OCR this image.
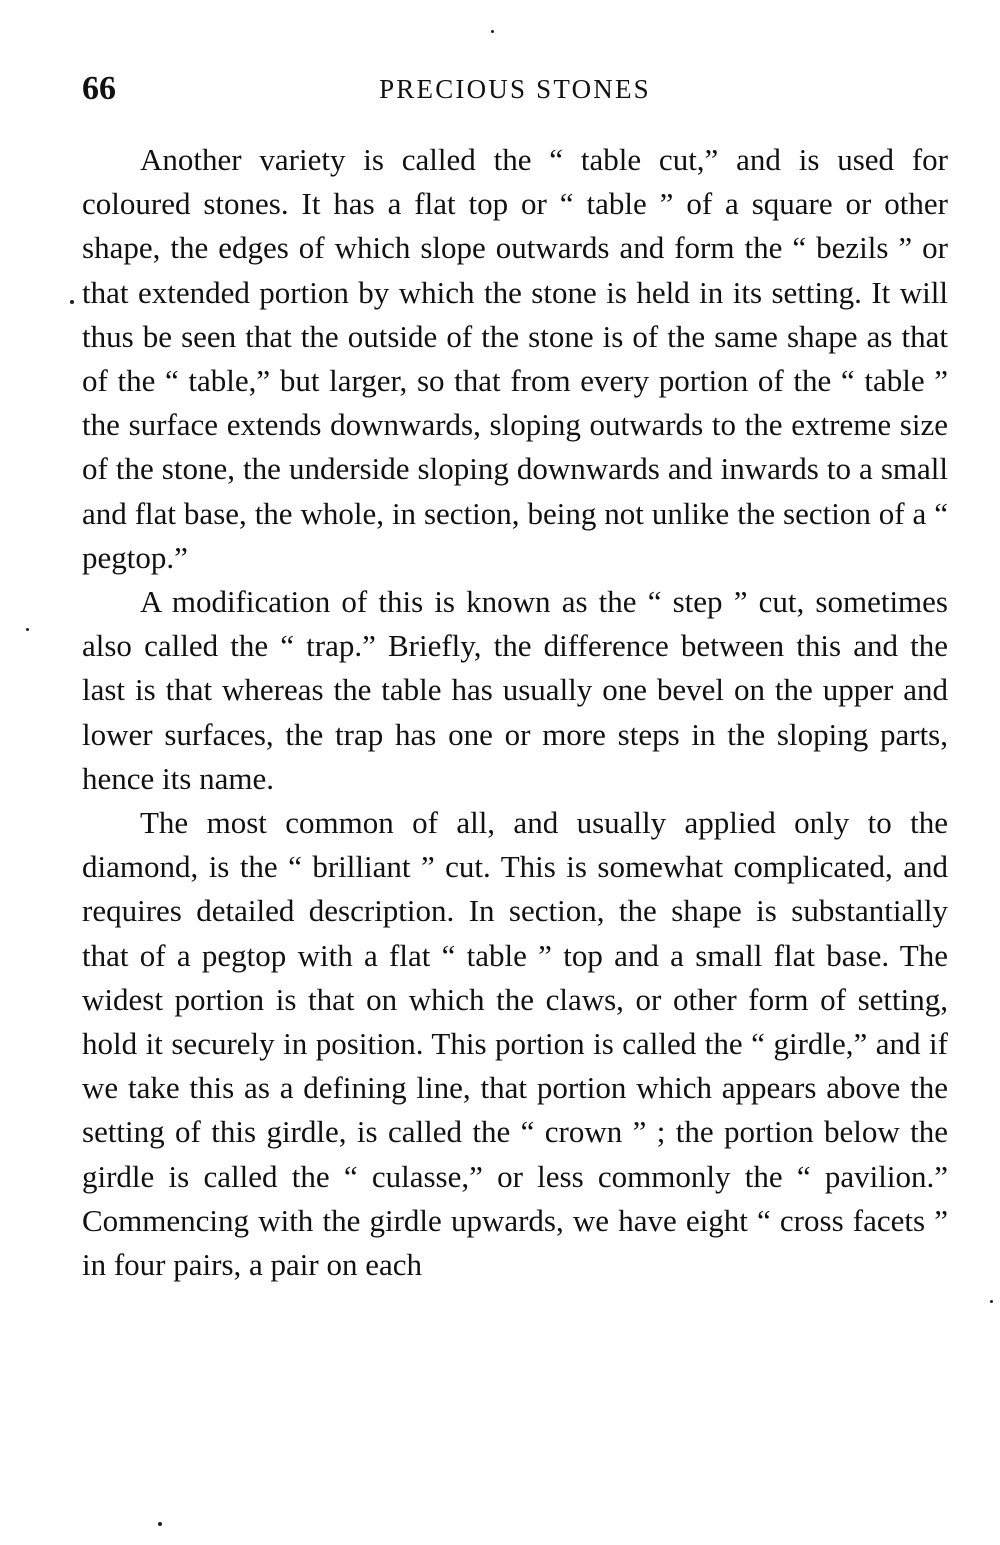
66	PRECIOUS STONES

Another variety is called the “ table cut,” and is used for coloured stones. It has a flat top or “ table ” of a square or other shape, the edges of which slope outwards and form the “ bezils ” or that extended portion by which the stone is held in its setting. It will thus be seen that the outside of the stone is of the same shape as that of the “ table,” but larger, so that from every portion of the “ table ” the surface extends downwards, sloping outwards to the extreme size of the stone, the underside sloping downwards and inwards to a small and flat base, the whole, in section, being not unlike the section of a “ pegtop.”

A modification of this is known as the “ step ” cut, sometimes also called the “ trap.” Briefly, the difference between this and the last is that whereas the table has usually one bevel on the upper and lower surfaces, the trap has one or more steps in the sloping parts, hence its name.

The most common of all, and usually applied only to the diamond, is the “ brilliant ” cut. This is somewhat complicated, and requires detailed description. In section, the shape is substantially that of a pegtop with a flat “ table ” top and a small flat base. The widest portion is that on which the claws, or other form of setting, hold it securely in position. This portion is called the “ girdle,” and if we take this as a defining line, that portion which appears above the setting of this girdle, is called the “ crown ” ; the portion below the girdle is called the “ culasse,” or less commonly the “ pavilion.” Commencing with the girdle upwards, we have eight “ cross facets ” in four pairs, a pair on each
